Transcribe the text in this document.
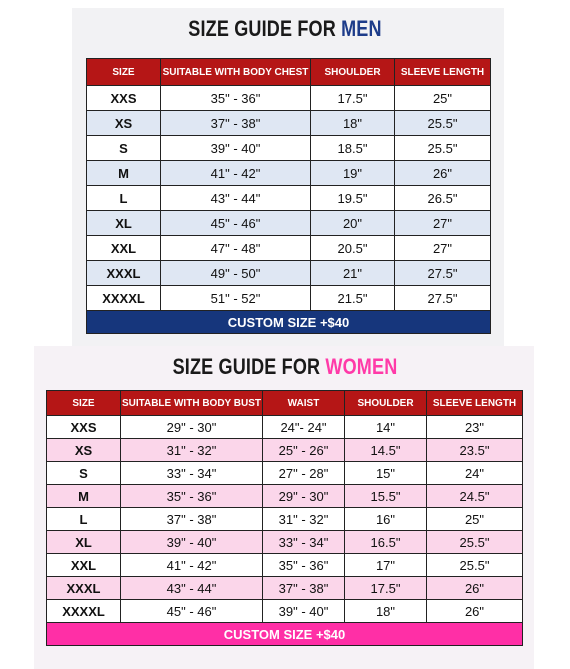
SIZE GUIDE FOR MEN
SIZE	SUITABLE WITH BODY CHEST	SHOULDER	SLEEVE LENGTH
XXS	35" - 36"	17.5"	25"
XS	37" - 38"	18"	25.5"
S	39" - 40"	18.5"	25.5"
M	41" - 42"	19"	26"
L	43" - 44"	19.5"	26.5"
XL	45" - 46"	20"	27"
XXL	47" - 48"	20.5"	27"
XXXL	49" - 50"	21"	27.5"
XXXXL	51" - 52"	21.5"	27.5"
CUSTOM SIZE +$40			
SIZE GUIDE FOR WOMEN
SIZE	SUITABLE WITH BODY BUST	WAIST	SHOULDER	SLEEVE LENGTH
XXS	29" - 30"	24"- 24"	14"	23"
XS	31" - 32"	25" - 26"	14.5"	23.5"
S	33" - 34"	27" - 28"	15"	24"
M	35" - 36"	29" - 30"	15.5"	24.5"
L	37" - 38"	31" - 32"	16"	25"
XL	39" - 40"	33" - 34"	16.5"	25.5"
XXL	41" - 42"	35" - 36"	17"	25.5"
XXXL	43" - 44"	37" - 38"	17.5"	26"
XXXXL	45" - 46"	39" - 40"	18"	26"
CUSTOM SIZE +$40				
